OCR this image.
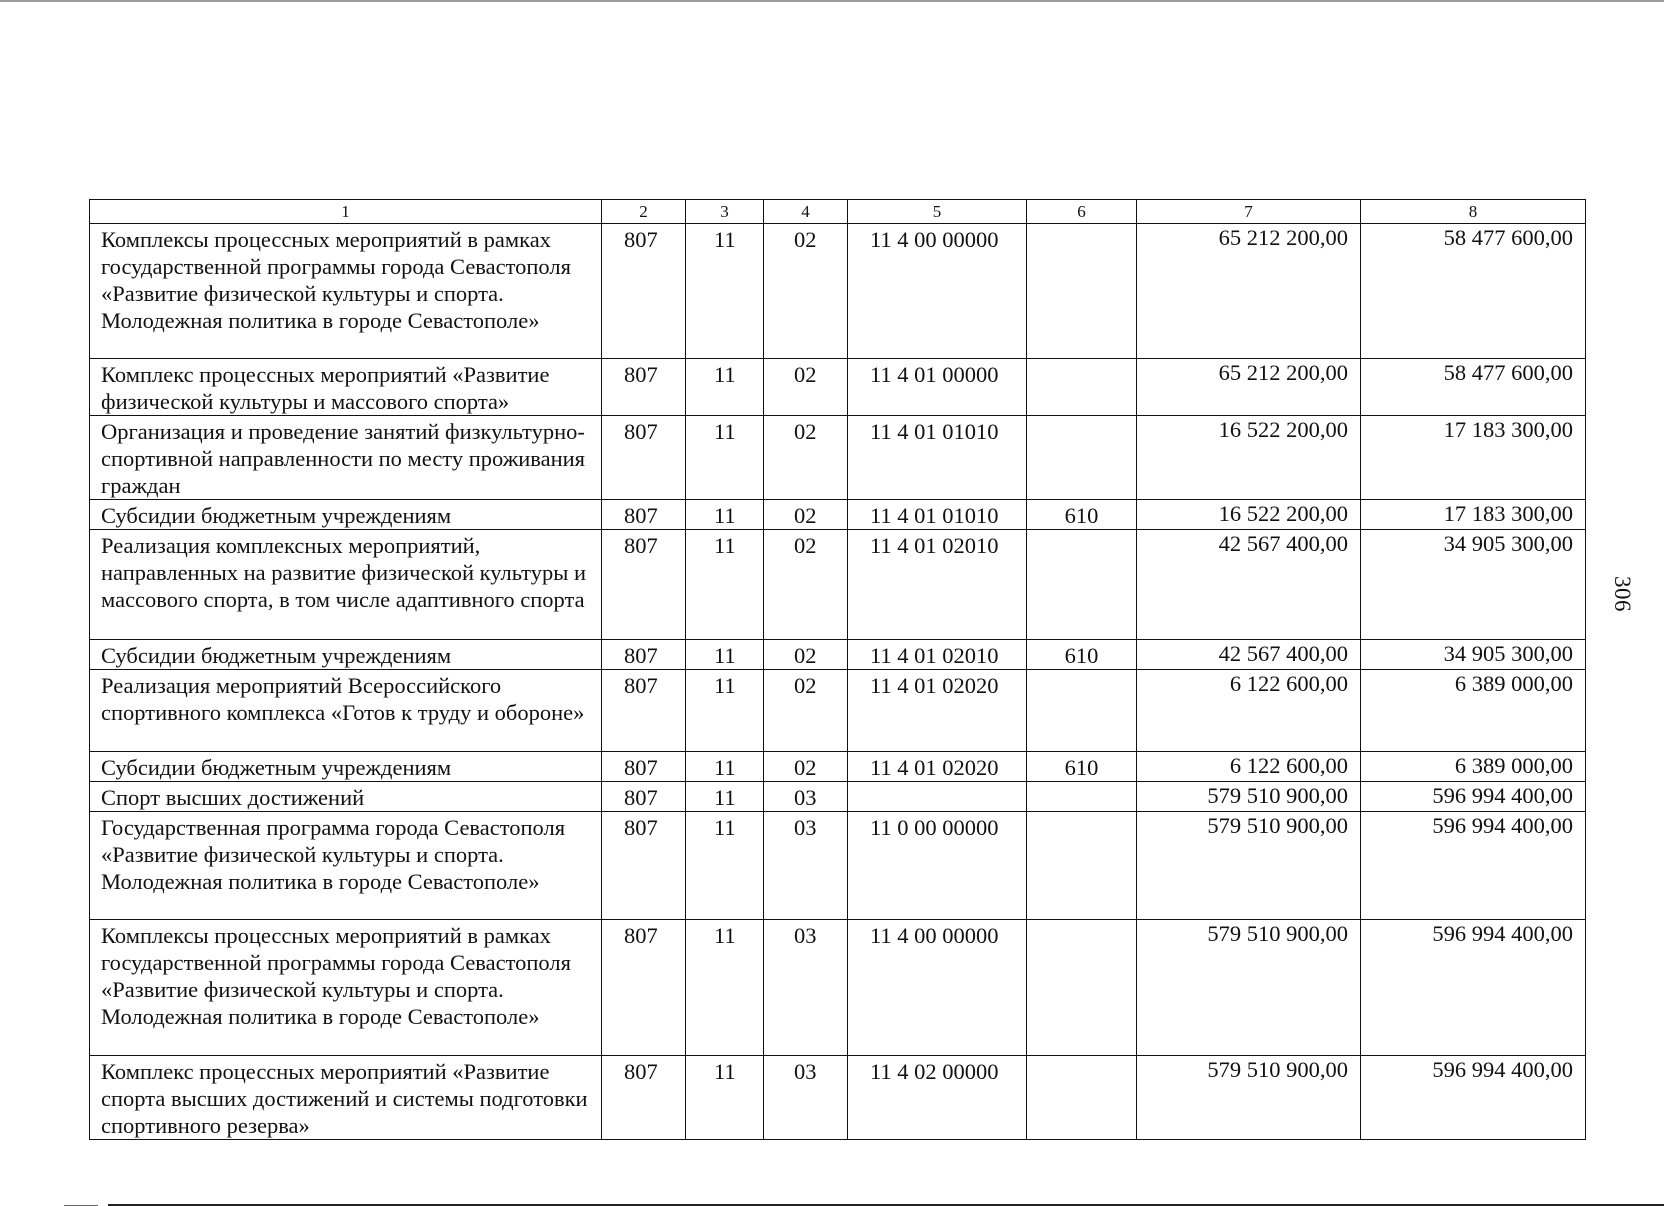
1	2	3	4	5	6	7	8
Комплексы процессных мероприятий в рамках государственной программы города Севастополя «Развитие физической культуры и спорта. Молодежная политика в городе Севастополе»	807	11	02	11 4 00 00000		65 212 200,00	58 477 600,00
Комплекс процессных мероприятий «Развитие физической культуры и массового спорта»	807	11	02	11 4 01 00000		65 212 200,00	58 477 600,00
Организация и проведение занятий физкультурно-спортивной направленности по месту проживания граждан	807	11	02	11 4 01 01010		16 522 200,00	17 183 300,00
Субсидии бюджетным учреждениям	807	11	02	11 4 01 01010	610	16 522 200,00	17 183 300,00
Реализация комплексных мероприятий, направленных на развитие физической культуры и массового спорта, в том числе адаптивного спорта	807	11	02	11 4 01 02010		42 567 400,00	34 905 300,00
Субсидии бюджетным учреждениям	807	11	02	11 4 01 02010	610	42 567 400,00	34 905 300,00
Реализация мероприятий Всероссийского спортивного комплекса «Готов к труду и обороне»	807	11	02	11 4 01 02020		6 122 600,00	6 389 000,00
Субсидии бюджетным учреждениям	807	11	02	11 4 01 02020	610	6 122 600,00	6 389 000,00
Спорт высших достижений	807	11	03			579 510 900,00	596 994 400,00
Государственная программа города Севастополя «Развитие физической культуры и спорта. Молодежная политика в городе Севастополе»	807	11	03	11 0 00 00000		579 510 900,00	596 994 400,00
Комплексы процессных мероприятий в рамках государственной программы города Севастополя «Развитие физической культуры и спорта. Молодежная политика в городе Севастополе»	807	11	03	11 4 00 00000		579 510 900,00	596 994 400,00
Комплекс процессных мероприятий «Развитие спорта высших достижений и системы подготовки спортивного резерва»	807	11	03	11 4 02 00000		579 510 900,00	596 994 400,00
306
